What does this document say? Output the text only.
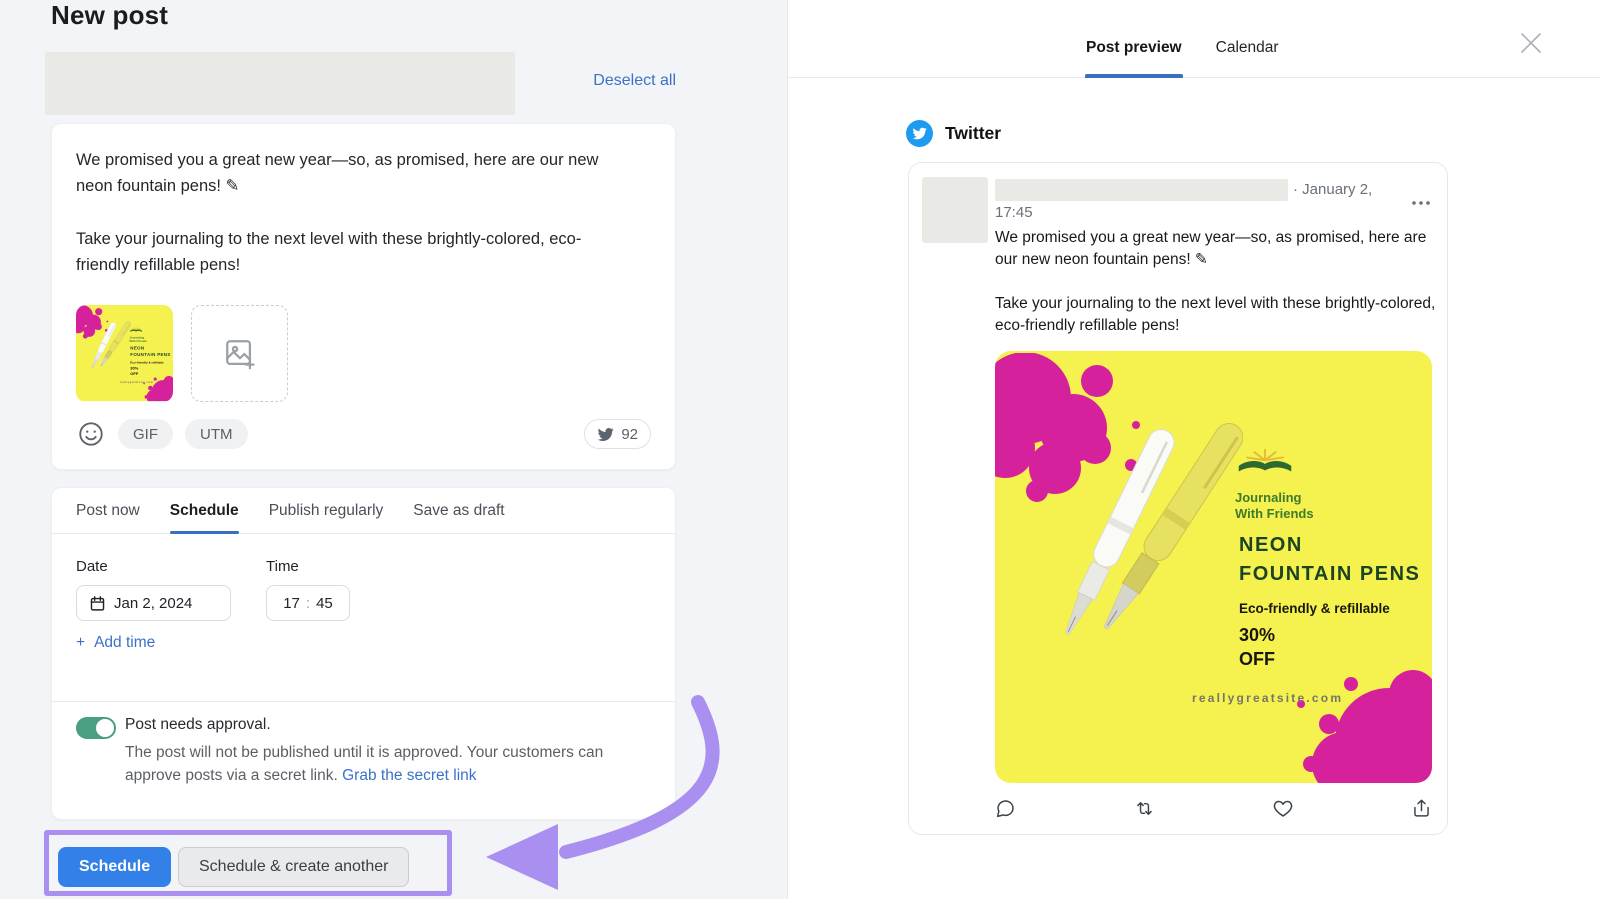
New post
Deselect all

We promised you a great new year—so, as promised, here are our new neon fountain pens! ✎

Take your journaling to the next level with these brightly-colored, eco-friendly refillable pens!

Journaling
With Friends
NEON
FOUNTAIN PENS
Eco-friendly & refillable
30%
OFF
reallygreatsite.com
GIF	UTM	92
Post now Schedule Publish regularly Save as draft
Date
Jan 2, 2024
Time
17 : 45
+ Add time
Post needs approval.
The post will not be published until it is approved. Your customers can approve posts via a secret link. Grab the secret link
Schedule	Schedule & create another
Post preview Calendar
Twitter
· January 2,
17:45

We promised you a great new year—so, as promised, here are our new neon fountain pens! ✎

Take your journaling to the next level with these brightly-colored, eco-friendly refillable pens!

Journaling
With Friends
NEON
FOUNTAIN PENS
Eco-friendly & refillable
30%
OFF
reallygreatsite.com
